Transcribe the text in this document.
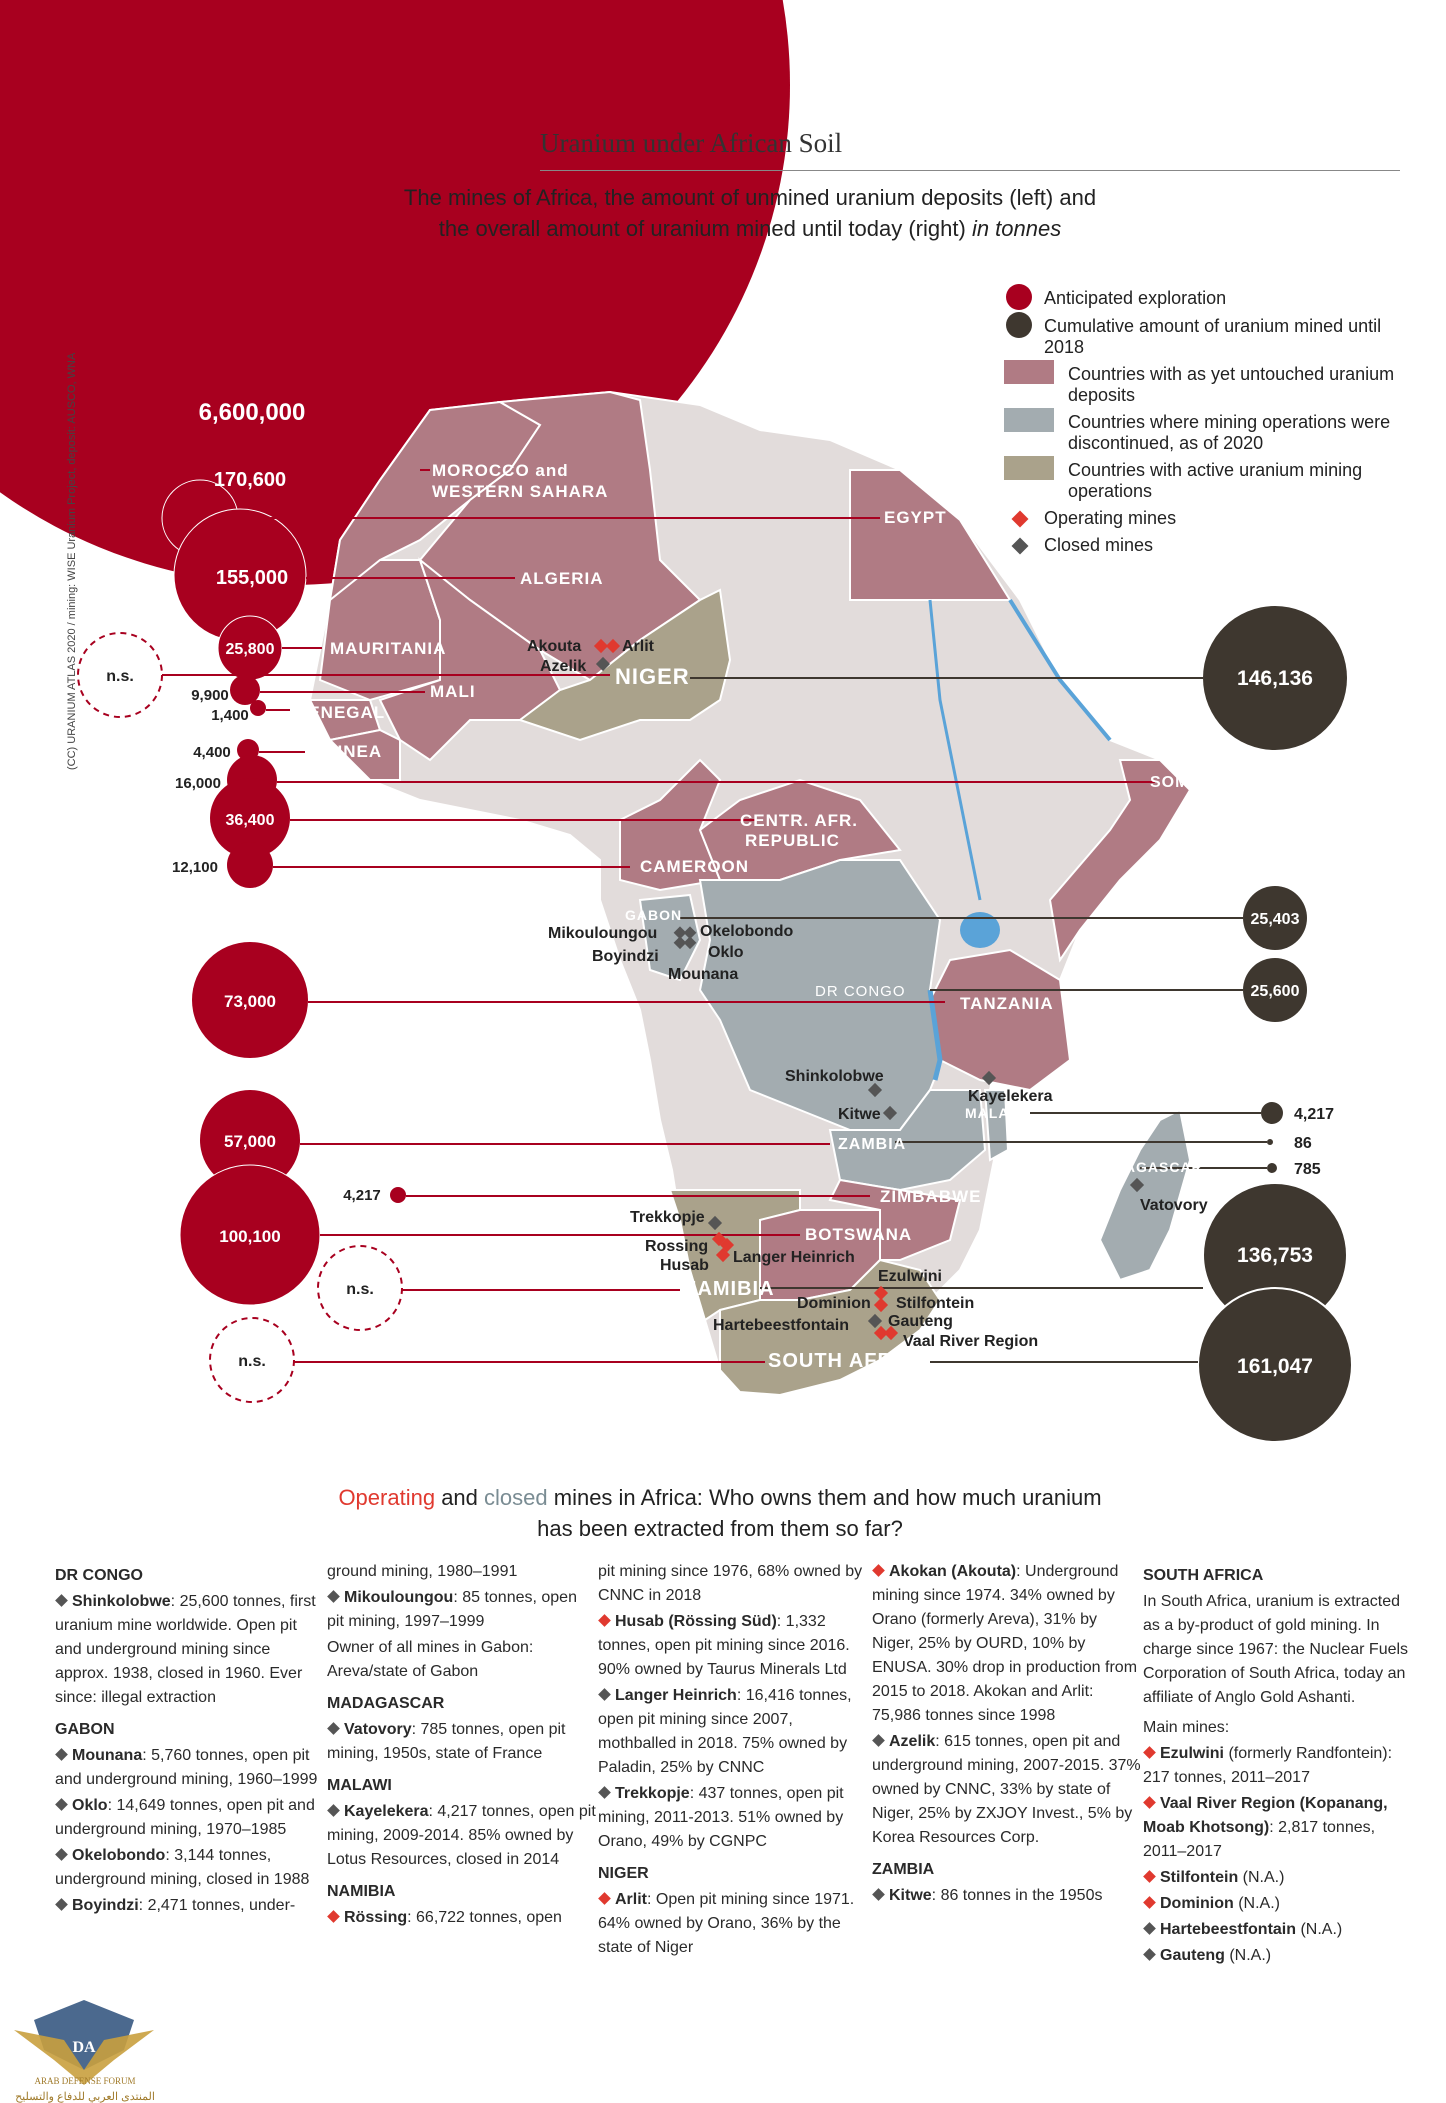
6,600,000
170,600
155,000
25,800
n.s.
9,900
1,400
4,400
16,000
36,400
12,100
73,000
57,000
4,217
100,100
n.s.
n.s.
146,136
25,403
25,600
4,217
86
785
136,753
161,047
MOROCCO and
WESTERN SAHARA
EGYPT
ALGERIA
MAURITANIA
MALI
SENEGAL
GUINEA
NIGER
SOMALIA
CENTR. AFR.
REPUBLIC
CAMEROON
GABON
DR CONGO
TANZANIA
MALAWI
ZAMBIA
MADAGASCAR
ZIMBABWE
BOTSWANA
NAMIBIA
SOUTH AFRICA
Akouta	Arlit
Azelik
Mikouloungou	Okelobondo
Oklo
Boyindzi
Mounana
Shinkolobwe
Kitwe
Kayelekera
Vatovory
Trekkopje
Rossing
Husab Langer Heinrich
Ezulwini
Dominion Stilfontein
Gauteng
Hartebeestfontain
Vaal River Region
Uranium under African Soil
The mines of Africa, the amount of unmined uranium deposits (left) and
the overall amount of uranium mined until today (right) in tonnes
(CC) URANIUM ATLAS 2020 / mining: WISE Uranium Project, deposit: AUSCO, WNA
Anticipated exploration
Cumulative amount of uranium mined until 2018
Countries with as yet untouched uranium deposits
Countries where mining operations were discontinued, as of 2020
Countries with active uranium mining operations
Operating mines
Closed mines
Operating and closed mines in Africa: Who owns them and how much uranium
has been extracted from them so far?
DR CONGO

Shinkolobwe: 25,600 tonnes, first uranium mine worldwide. Open pit and underground mining since approx. 1938, closed in 1960. Ever since: illegal extraction

GABON

Mounana: 5,760 tonnes, open pit and underground mining, 1960–1999

Oklo: 14,649 tonnes, open pit and underground mining, 1970–1985

Okelobondo: 3,144 tonnes, underground mining, closed in 1988

Boyindzi: 2,471 tonnes, under-

ground mining, 1980–1991

Mikouloungou: 85 tonnes, open pit mining, 1997–1999

Owner of all mines in Gabon: Areva/state of Gabon

MADAGASCAR

Vatovory: 785 tonnes, open pit mining, 1950s, state of France

MALAWI

Kayelekera: 4,217 tonnes, open pit mining, 2009-2014. 85% owned by Lotus Resources, closed in 2014

NAMIBIA

Rössing: 66,722 tonnes, open

pit mining since 1976, 68% owned by CNNC in 2018

Husab (Rössing Süd): 1,332 tonnes, open pit mining since 2016. 90% owned by Taurus Minerals Ltd

Langer Heinrich: 16,416 tonnes, open pit mining since 2007, mothballed in 2018. 75% owned by Paladin, 25% by CNNC

Trekkopje: 437 tonnes, open pit mining, 2011-2013. 51% owned by Orano, 49% by CGNPC

NIGER

Arlit: Open pit mining since 1971. 64% owned by Orano, 36% by the state of Niger

Akokan (Akouta): Underground mining since 1974. 34% owned by Orano (formerly Areva), 31% by Niger, 25% by OURD, 10% by ENUSA. 30% drop in production from 2015 to 2018. Akokan and Arlit: 75,986 tonnes since 1998

Azelik: 615 tonnes, open pit and underground mining, 2007-2015. 37% owned by CNNC, 33% by state of Niger, 25% by ZXJOY Invest., 5% by Korea Resources Corp.

ZAMBIA

Kitwe: 86 tonnes in the 1950s

SOUTH AFRICA

In South Africa, uranium is extracted as a by-product of gold mining. In charge since 1967: the Nuclear Fuels Corporation of South Africa, today an affiliate of Anglo Gold Ashanti.

Main mines:

Ezulwini (formerly Randfontein): 217 tonnes, 2011–2017

Vaal River Region (Kopanang, Moab Khotsong): 2,817 tonnes, 2011–2017

Stilfontein (N.A.)

Dominion (N.A.)

Hartebeestfontain (N.A.)

Gauteng (N.A.)

DA
ARAB DEFENSE FORUM
المنتدى العربي للدفاع والتسليح
